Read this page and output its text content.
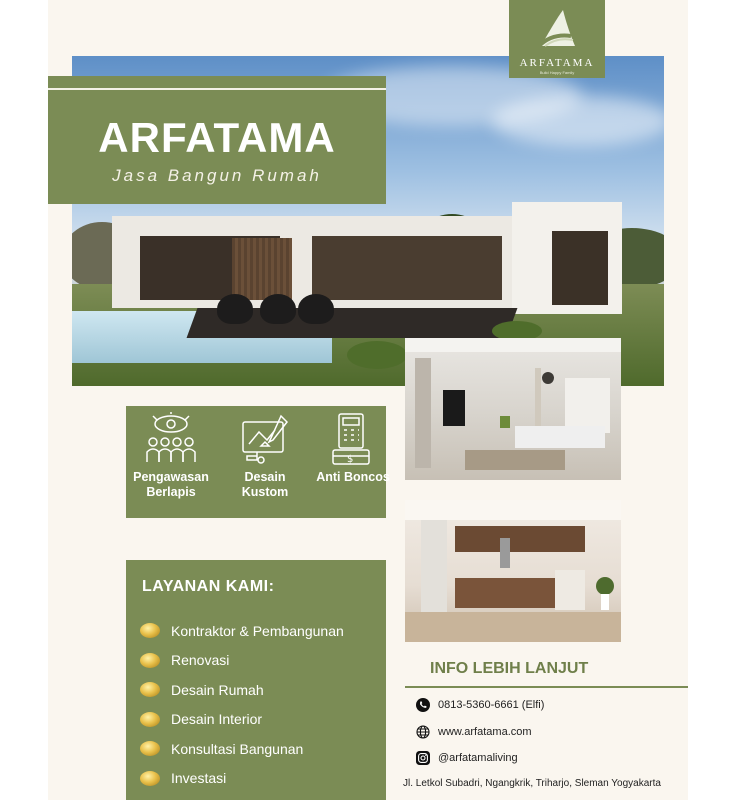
ARFATAMA
Jasa Bangun Rumah
ARFATAMA
Build Happy Family
Pengawasan Berlapis
Desain Kustom
$
Anti Boncos
LAYANAN KAMI:
Kontraktor & Pembangunan
Renovasi
Desain Rumah
Desain Interior
Konsultasi Bangunan
Investasi
INFO LEBIH LANJUT
0813-5360-6661 (Elfi)
www.arfatama.com
@arfatamaliving
Jl. Letkol Subadri, Ngangkrik, Triharjo, Sleman Yogyakarta
